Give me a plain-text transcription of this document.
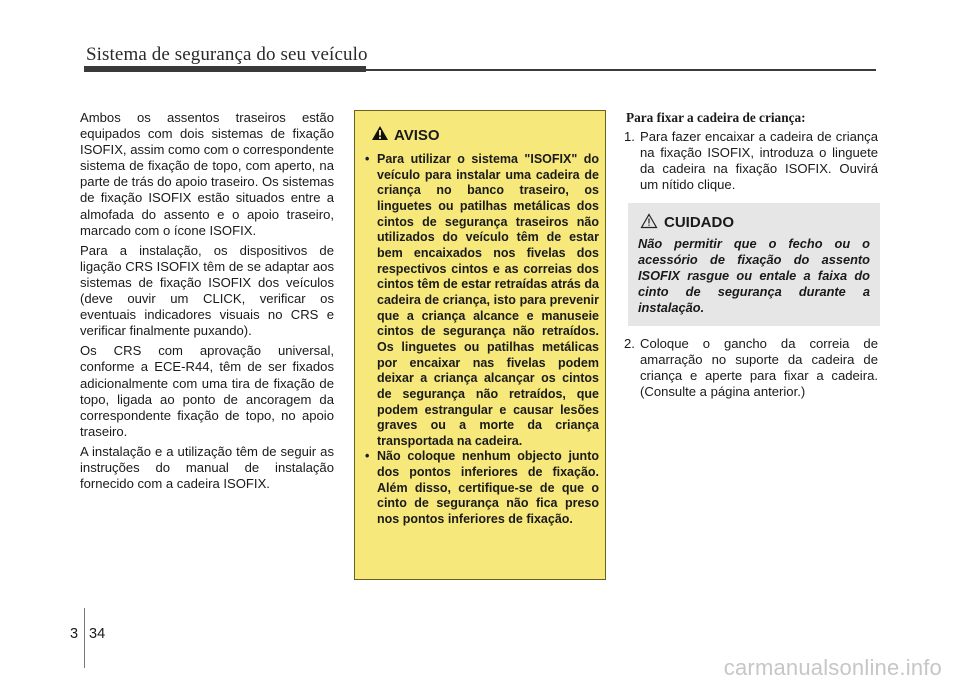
Sistema de segurança do seu veículo

Ambos os assentos traseiros estão equipados com dois sistemas de fixação ISOFIX, assim como com o correspondente sistema de fixação de topo, com aperto, na parte de trás do apoio traseiro. Os sistemas de fixação ISOFIX estão situados entre a almofada do assento e o apoio traseiro, marcado com o ícone ISOFIX.

Para a instalação, os dispositivos de ligação CRS ISOFIX têm de se adaptar aos sistemas de fixação ISOFIX dos veículos (deve ouvir um CLICK, verificar os eventuais indicadores visuais no CRS e verificar finalmente puxando).

Os CRS com aprovação universal, conforme a ECE-R44, têm de ser fixados adicionalmente com uma tira de fixação de topo, ligada ao ponto de ancoragem da correspondente fixação de topo, no apoio traseiro.

A instalação e a utilização têm de seguir as instruções do manual de instalação fornecido com a cadeira ISOFIX.

AVISO
• Para utilizar o sistema "ISOFIX" do veículo para instalar uma cadeira de criança no banco traseiro, os linguetes ou patilhas metálicas dos cintos de segurança traseiros não utilizados do veículo têm de estar bem encaixados nos fivelas dos respectivos cintos e as correias dos cintos têm de estar retraídas atrás da cadeira de criança, isto para prevenir que a criança alcance e manuseie cintos de segurança não retraídos. Os linguetes ou patilhas metálicas por encaixar nas fivelas podem deixar a criança alcançar os cintos de segurança não retraídos, que podem estrangular e causar lesões graves ou a morte da criança transportada na cadeira.
• Não coloque nenhum objecto junto dos pontos inferiores de fixação. Além disso, certifique-se de que o cinto de segurança não fica preso nos pontos inferiores de fixação.
Para fixar a cadeira de criança:
1. Para fazer encaixar a cadeira de criança na fixação ISOFIX, introduza o linguete da cadeira na fixação ISOFIX. Ouvirá um nítido clique.
CUIDADO
Não permitir que o fecho ou o acessório de fixação do assento ISOFIX rasgue ou entale a faixa do cinto de segurança durante a instalação.
2. Coloque o gancho da correia de amarração no suporte da cadeira de criança e aperte para fixar a cadeira. (Consulte a página anterior.)
3 34
carmanualsonline.info
